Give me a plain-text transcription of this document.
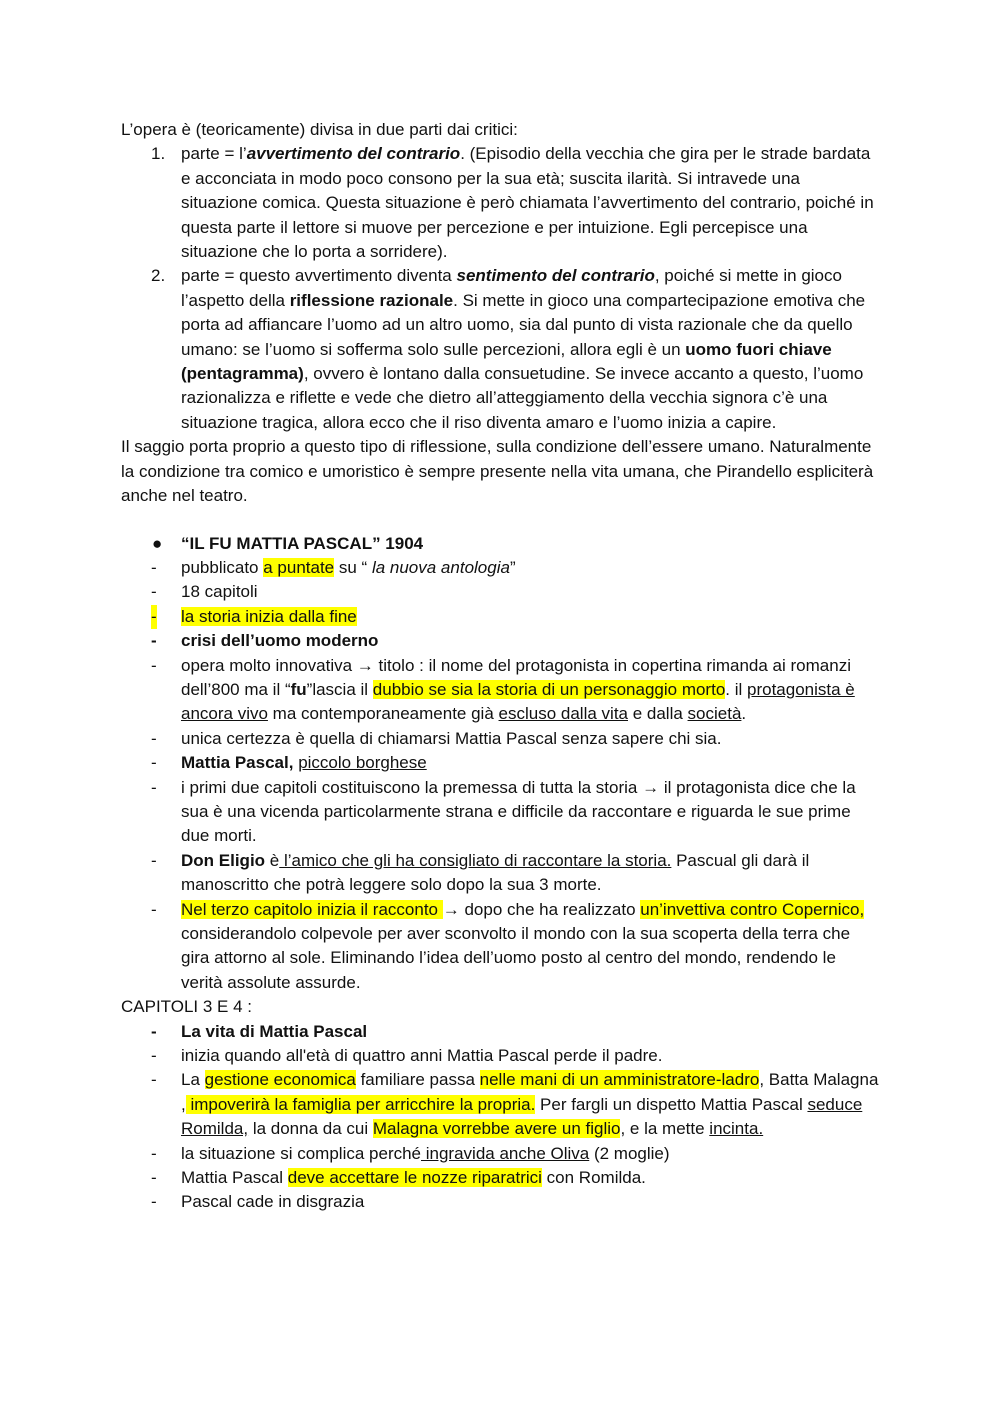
L’opera è (teoricamente) divisa in due parti dai critici:

1. parte = l’avvertimento del contrario. (Episodio della vecchia che gira per le strade bardata e acconciata in modo poco consono per la sua età; suscita ilarità. Si intravede una situazione comica. Questa situazione è però chiamata l’avvertimento del contrario, poiché in questa parte il lettore si muove per percezione e per intuizione. Egli percepisce una situazione che lo porta a sorridere).
2. parte = questo avvertimento diventa sentimento del contrario, poiché si mette in gioco l’aspetto della riflessione razionale. Si mette in gioco una compartecipazione emotiva che porta ad affiancare l’uomo ad un altro uomo, sia dal punto di vista razionale che da quello umano: se l’uomo si sofferma solo sulle percezioni, allora egli è un uomo fuori chiave (pentagramma), ovvero è lontano dalla consuetudine. Se invece accanto a questo, l’uomo razionalizza e riflette e vede che dietro all’atteggiamento della vecchia signora c’è una situazione tragica, allora ecco che il riso diventa amaro e l’uomo inizia a capire.

Il saggio porta proprio a questo tipo di riflessione, sulla condizione dell’essere umano. Naturalmente la condizione tra comico e umoristico è sempre presente nella vita umana, che Pirandello espliciterà anche nel teatro.

● “IL FU MATTIA PASCAL” 1904
- pubblicato a puntate su “ la nuova antologia”
- 18 capitoli
- la storia inizia dalla fine
- crisi dell’uomo moderno
- opera molto innovativa → titolo : il nome del protagonista in copertina rimanda ai romanzi dell’800 ma il “fu”lascia il dubbio se sia la storia di un personaggio morto. il protagonista è ancora vivo ma contemporaneamente già escluso dalla vita e dalla società.
- unica certezza è quella di chiamarsi Mattia Pascal senza sapere chi sia.
- Mattia Pascal, piccolo borghese
- i primi due capitoli costituiscono la premessa di tutta la storia → il protagonista dice che la sua è una vicenda particolarmente strana e difficile da raccontare e riguarda le sue prime due morti.
- Don Eligio è l’amico che gli ha consigliato di raccontare la storia. Pascual gli darà il manoscritto che potrà leggere solo dopo la sua 3 morte.
- Nel terzo capitolo inizia il racconto → dopo che ha realizzato un’invettiva contro Copernico, considerandolo colpevole per aver sconvolto il mondo con la sua scoperta della terra che gira attorno al sole. Eliminando l’idea dell’uomo posto al centro del mondo, rendendo le verità assolute assurde.

CAPITOLI 3 E 4 :

- La vita di Mattia Pascal
- inizia quando all'età di quattro anni Mattia Pascal perde il padre.
- La gestione economica familiare passa nelle mani di un amministratore-ladro, Batta Malagna , impoverirà la famiglia per arricchire la propria. Per fargli un dispetto Mattia Pascal seduce Romilda, la donna da cui Malagna vorrebbe avere un figlio, e la mette incinta.
- la situazione si complica perché ingravida anche Oliva (2 moglie)
- Mattia Pascal deve accettare le nozze riparatrici con Romilda.
- Pascal cade in disgrazia
